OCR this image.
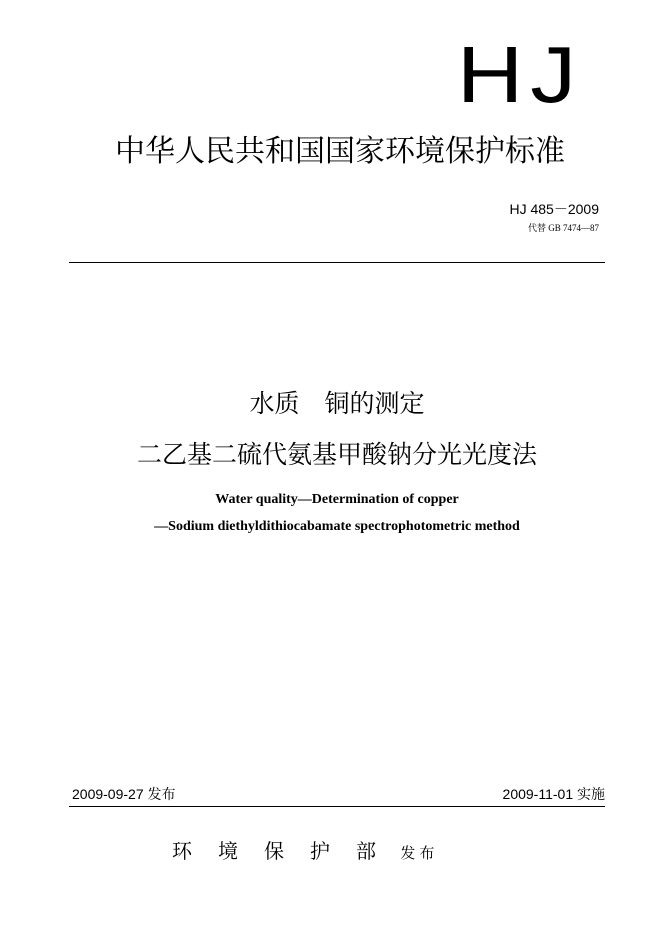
HJ
中华人民共和国国家环境保护标准
HJ 485－2009
代替 GB 7474—87
水质　铜的测定
二乙基二硫代氨基甲酸钠分光光度法
Water quality—Determination of copper
—Sodium diethyldithiocabamate spectrophotometric method
2009-09-27 发布	2009-11-01 实施
环境保护部 发布
